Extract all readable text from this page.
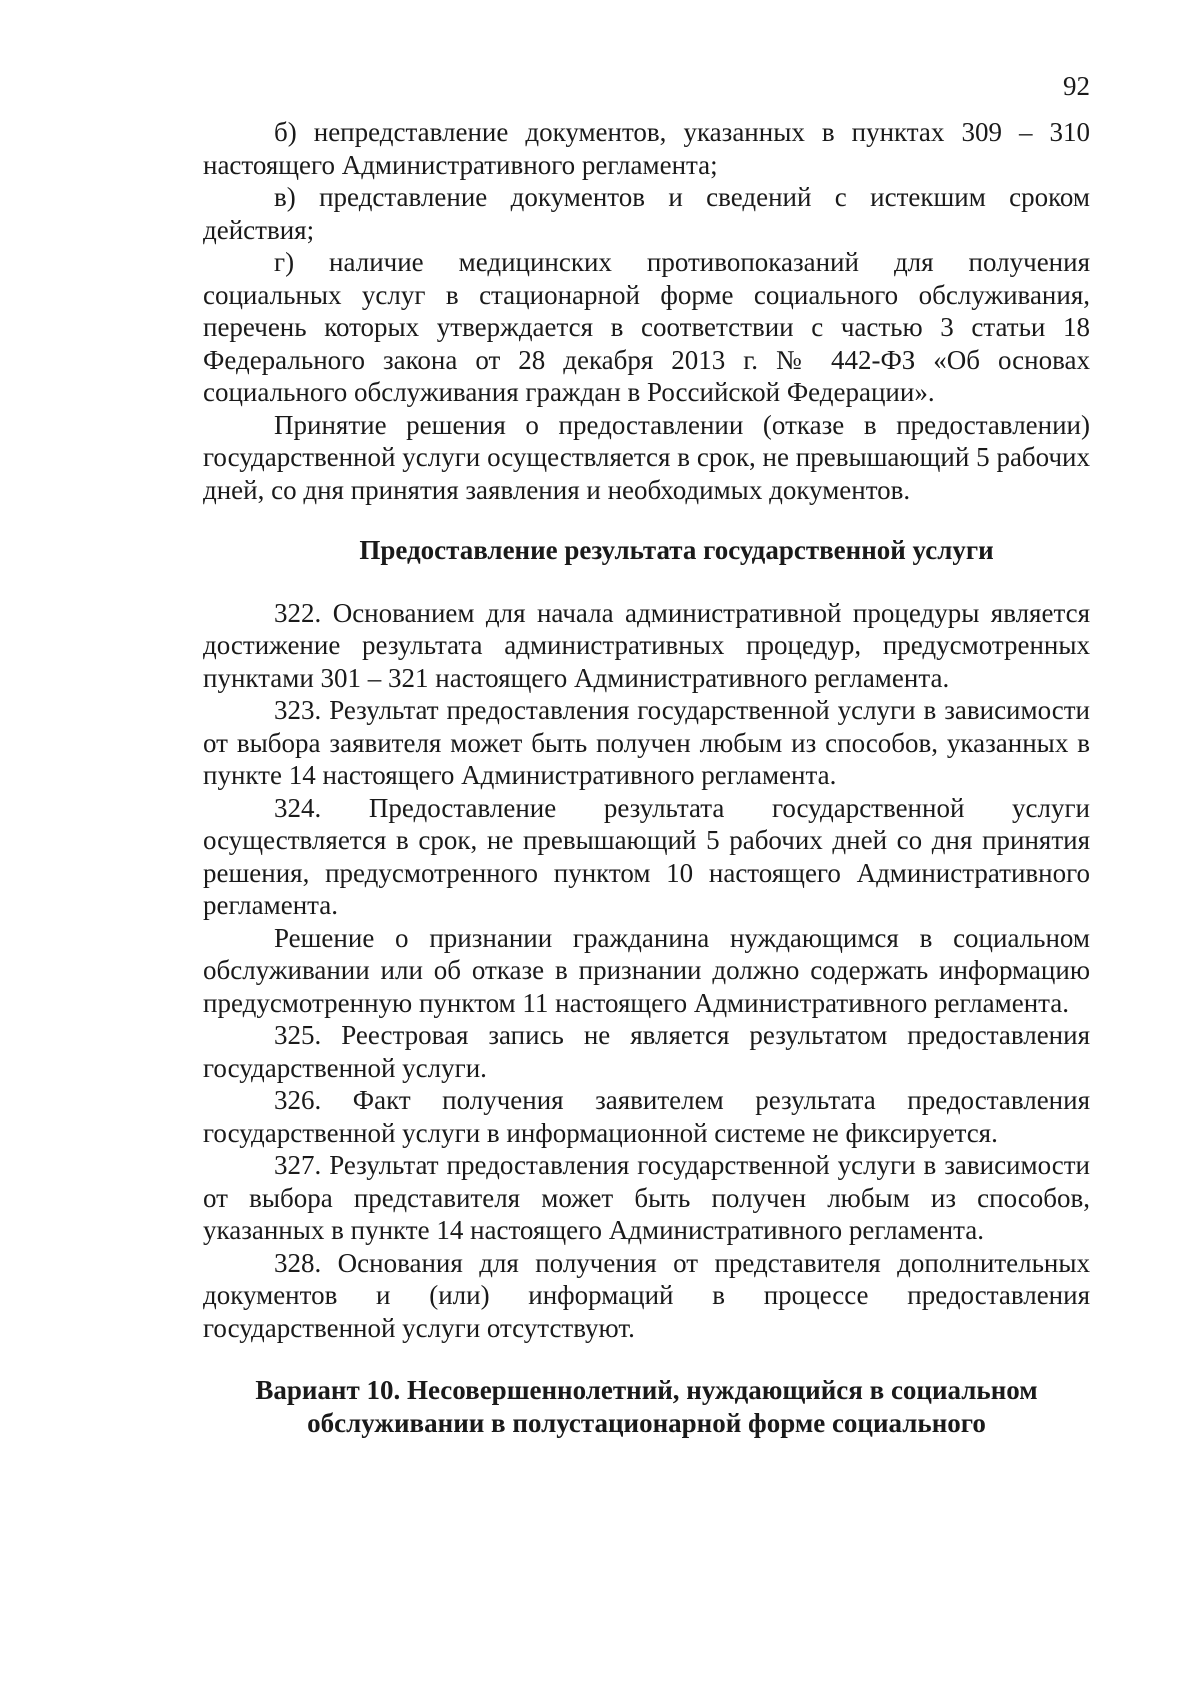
92

б) непредставление документов, указанных в пунктах 309 – 310 настоящего Административного регламента;

в) представление документов и сведений с истекшим сроком действия;

г) наличие медицинских противопоказаний для получения социальных услуг в стационарной форме социального обслуживания, перечень которых утверждается в соответствии с частью 3 статьи 18 Федерального закона от 28 декабря 2013 г. № 442-ФЗ «Об основах социального обслуживания граждан в Российской Федерации».

Принятие решения о предоставлении (отказе в предоставлении) государственной услуги осуществляется в срок, не превышающий 5 рабочих дней, со дня принятия заявления и необходимых документов.

Предоставление результата государственной услуги

322. Основанием для начала административной процедуры является достижение результата административных процедур, предусмотренных пунктами 301 – 321 настоящего Административного регламента.

323. Результат предоставления государственной услуги в зависимости от выбора заявителя может быть получен любым из способов, указанных в пункте 14 настоящего Административного регламента.

324. Предоставление результата государственной услуги осуществляется в срок, не превышающий 5 рабочих дней со дня принятия решения, предусмотренного пунктом 10 настоящего Административного регламента.

Решение о признании гражданина нуждающимся в социальном обслуживании или об отказе в признании должно содержать информацию предусмотренную пунктом 11 настоящего Административного регламента.

325. Реестровая запись не является результатом предоставления государственной услуги.

326. Факт получения заявителем результата предоставления государственной услуги в информационной системе не фиксируется.

327. Результат предоставления государственной услуги в зависимости от выбора представителя может быть получен любым из способов, указанных в пункте 14 настоящего Административного регламента.

328. Основания для получения от представителя дополнительных документов и (или) информаций в процессе предоставления государственной услуги отсутствуют.

Вариант 10. Несовершеннолетний, нуждающийся в социальном
обслуживании в полустационарной форме социального
